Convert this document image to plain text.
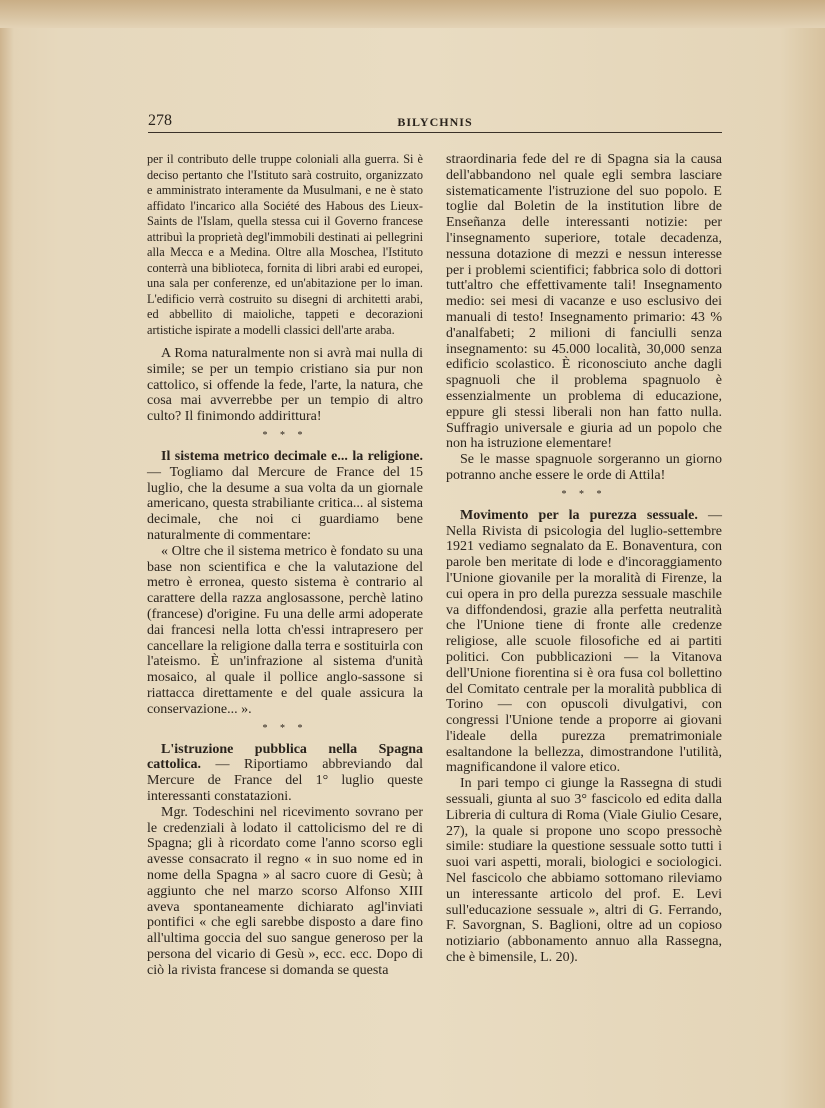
278	BILYCHNIS

per il contributo delle truppe coloniali alla guerra. Si è deciso pertanto che l'Istituto sarà costruito, organizzato e amministrato interamente da Musulmani, e ne è stato affidato l'incarico alla Société des Habous des Lieux-Saints de l'Islam, quella stessa cui il Governo francese attribuì la proprietà degl'immobili destinati ai pellegrini alla Mecca e a Medina. Oltre alla Moschea, l'Istituto conterrà una biblioteca, fornita di libri arabi ed europei, una sala per conferenze, ed un'abitazione per lo iman. L'edificio verrà costruito su disegni di architetti arabi, ed abbellito di maioliche, tappeti e decorazioni artistiche ispirate a modelli classici dell'arte araba.

A Roma naturalmente non si avrà mai nulla di simile; se per un tempio cristiano sia pur non cattolico, si offende la fede, l'arte, la natura, che cosa mai avverrebbe per un tempio di altro culto? Il finimondo addirittura!

* * *

Il sistema metrico decimale e... la religione. — Togliamo dal Mercure de France del 15 luglio, che la desume a sua volta da un giornale americano, questa strabiliante critica... al sistema decimale, che noi ci guardiamo bene naturalmente di commentare:

« Oltre che il sistema metrico è fondato su una base non scientifica e che la valutazione del metro è erronea, questo sistema è contrario al carattere della razza anglosassone, perchè latino (francese) d'origine. Fu una delle armi adoperate dai francesi nella lotta ch'essi intrapresero per cancellare la religione dalla terra e sostituirla con l'ateismo. È un'infrazione al sistema d'unità mosaico, al quale il pollice anglo-sassone si riattacca direttamente e del quale assicura la conservazione... ».

* * *

L'istruzione pubblica nella Spagna cattolica. — Riportiamo abbreviando dal Mercure de France del 1° luglio queste interessanti constatazioni.

Mgr. Todeschini nel ricevimento sovrano per le credenziali à lodato il cattolicismo del re di Spagna; gli à ricordato come l'anno scorso egli avesse consacrato il regno « in suo nome ed in nome della Spagna » al sacro cuore di Gesù; à aggiunto che nel marzo scorso Alfonso XIII aveva spontaneamente dichiarato agl'inviati pontifici « che egli sarebbe disposto a dare fino all'ultima goccia del suo sangue generoso per la persona del vicario di Gesù », ecc. ecc. Dopo di ciò la rivista francese si domanda se questa

straordinaria fede del re di Spagna sia la causa dell'abbandono nel quale egli sembra lasciare sistematicamente l'istruzione del suo popolo. E toglie dal Boletin de la institution libre de Enseñanza delle interessanti notizie: per l'insegnamento superiore, totale decadenza, nessuna dotazione di mezzi e nessun interesse per i problemi scientifici; fabbrica solo di dottori tutt'altro che effettivamente tali! Insegnamento medio: sei mesi di vacanze e uso esclusivo dei manuali di testo! Insegnamento primario: 43 % d'analfabeti; 2 milioni di fanciulli senza insegnamento: su 45.000 località, 30,000 senza edificio scolastico. È riconosciuto anche dagli spagnuoli che il problema spagnuolo è essenzialmente un problema di educazione, eppure gli stessi liberali non han fatto nulla. Suffragio universale e giuria ad un popolo che non ha istruzione elementare!

Se le masse spagnuole sorgeranno un giorno potranno anche essere le orde di Attila!

* * *

Movimento per la purezza sessuale. — Nella Rivista di psicologia del luglio-settembre 1921 vediamo segnalato da E. Bonaventura, con parole ben meritate di lode e d'incoraggiamento l'Unione giovanile per la moralità di Firenze, la cui opera in pro della purezza sessuale maschile va diffondendosi, grazie alla perfetta neutralità che l'Unione tiene di fronte alle credenze religiose, alle scuole filosofiche ed ai partiti politici. Con pubblicazioni — la Vitanova dell'Unione fiorentina si è ora fusa col bollettino del Comitato centrale per la moralità pubblica di Torino — con opuscoli divulgativi, con congressi l'Unione tende a proporre ai giovani l'ideale della purezza prematrimoniale esaltandone la bellezza, dimostrandone l'utilità, magnificandone il valore etico.

In pari tempo ci giunge la Rassegna di studi sessuali, giunta al suo 3° fascicolo ed edita dalla Libreria di cultura di Roma (Viale Giulio Cesare, 27), la quale si propone uno scopo pressochè simile: studiare la questione sessuale sotto tutti i suoi vari aspetti, morali, biologici e sociologici. Nel fascicolo che abbiamo sottomano rileviamo un interessante articolo del prof. E. Levi sull'educazione sessuale », altri di G. Ferrando, F. Savorgnan, S. Baglioni, oltre ad un copioso notiziario (abbonamento annuo alla Rassegna, che è bimensile, L. 20).
